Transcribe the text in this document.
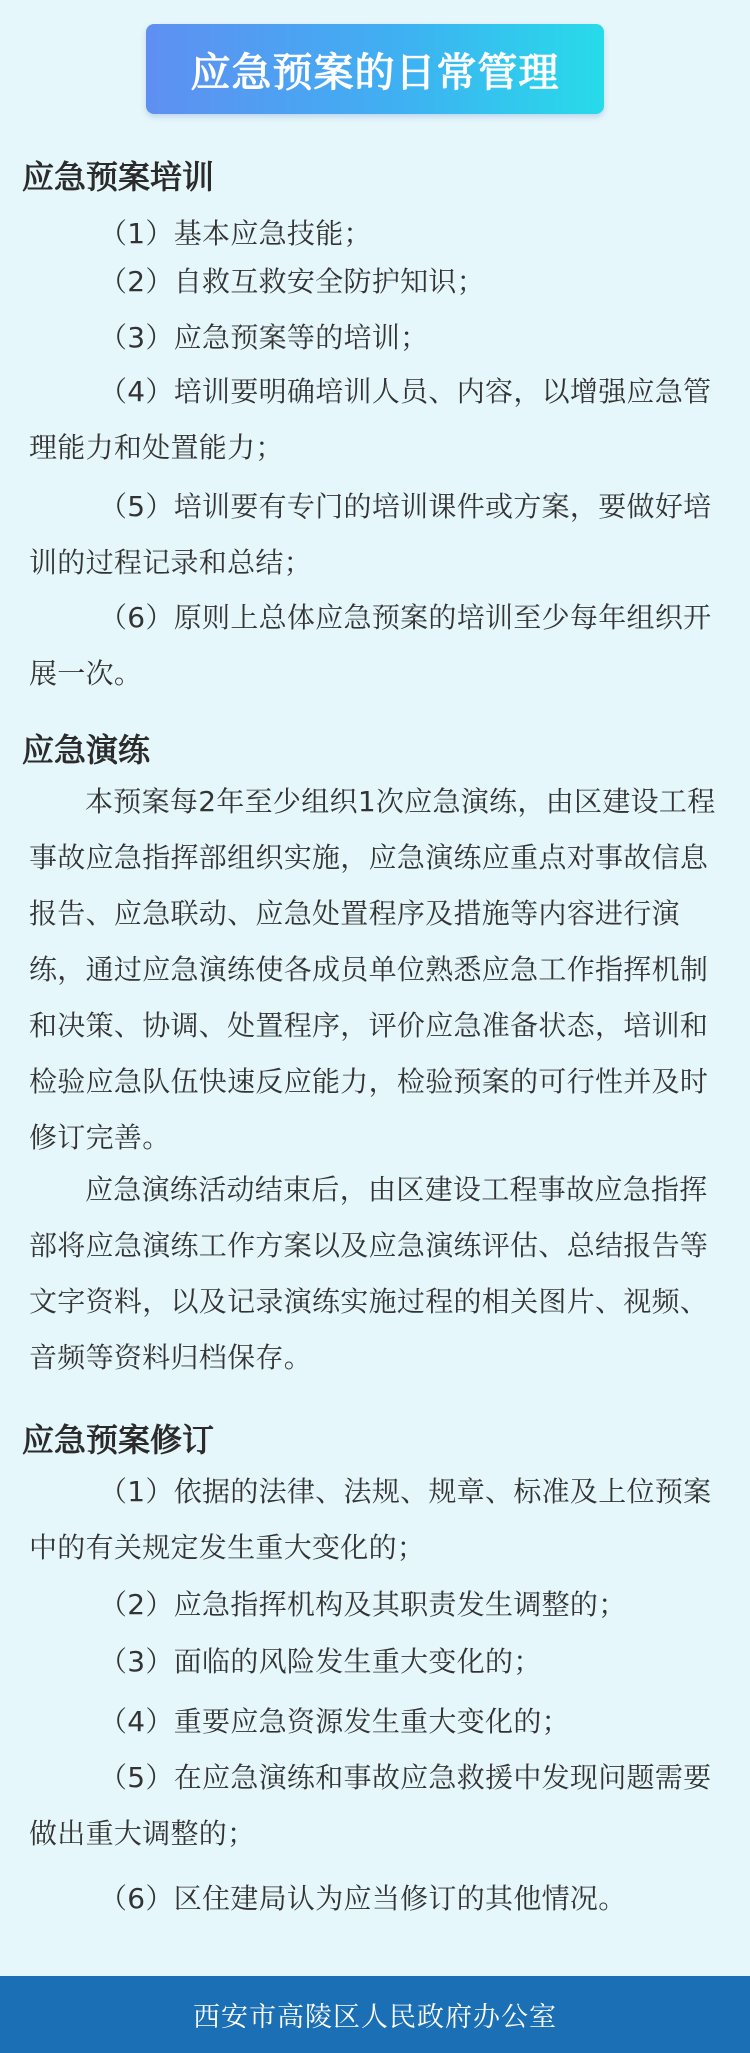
应急预案的日常管理
应急预案培训

（1）基本应急技能；

（2）自救互救安全防护知识；

（3）应急预案等的培训；

（4）培训要明确培训人员、内容，以增强应急管理能力和处置能力；

（5）培训要有专门的培训课件或方案，要做好培训的过程记录和总结；

（6）原则上总体应急预案的培训至少每年组织开展一次。

应急演练

本预案每2年至少组织1次应急演练，由区建设工程事故应急指挥部组织实施，应急演练应重点对事故信息报告、应急联动、应急处置程序及措施等内容进行演练，通过应急演练使各成员单位熟悉应急工作指挥机制和决策、协调、处置程序，评价应急准备状态，培训和检验应急队伍快速反应能力，检验预案的可行性并及时修订完善。

应急演练活动结束后，由区建设工程事故应急指挥部将应急演练工作方案以及应急演练评估、总结报告等文字资料，以及记录演练实施过程的相关图片、视频、音频等资料归档保存。

应急预案修订

（1）依据的法律、法规、规章、标准及上位预案中的有关规定发生重大变化的；

（2）应急指挥机构及其职责发生调整的；

（3）面临的风险发生重大变化的；

（4）重要应急资源发生重大变化的；

（5）在应急演练和事故应急救援中发现问题需要做出重大调整的；

（6）区住建局认为应当修订的其他情况。

西安市高陵区人民政府办公室
